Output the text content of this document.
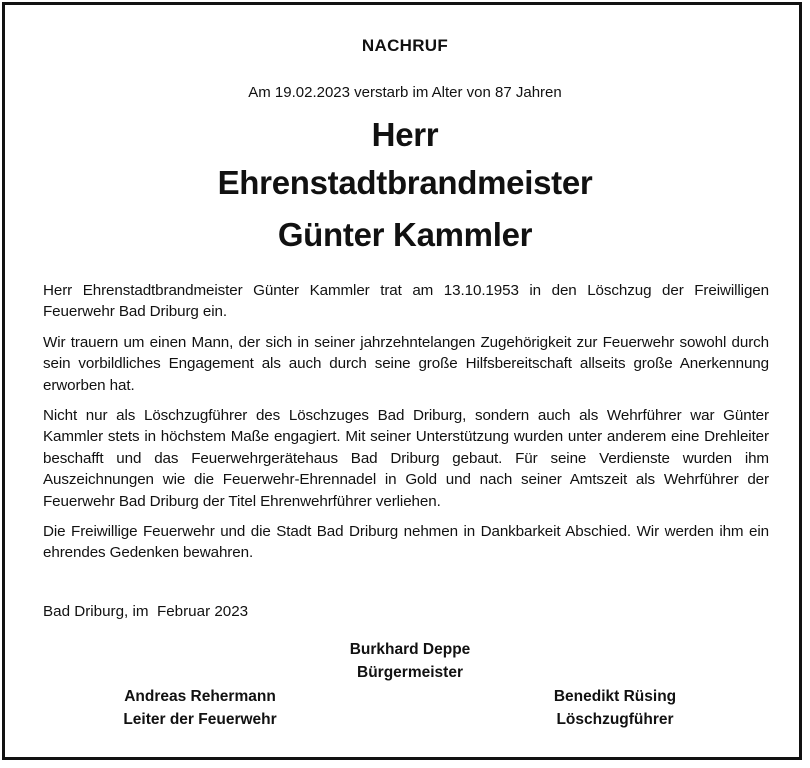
NACHRUF
Am 19.02.2023 verstarb im Alter von 87 Jahren
Herr
Ehrenstadtbrandmeister
Günter Kammler

Herr Ehrenstadtbrandmeister Günter Kammler trat am 13.10.1953 in den Löschzug der Freiwilligen Feuerwehr Bad Driburg ein.

Wir trauern um einen Mann, der sich in seiner jahrzehntelangen Zugehörigkeit zur Feuerwehr sowohl durch sein vorbildliches Engagement als auch durch seine große Hilfsbereitschaft allseits große Anerkennung erworben hat.

Nicht nur als Löschzugführer des Löschzuges Bad Driburg, sondern auch als Wehrführer war Günter Kammler stets in höchstem Maße engagiert. Mit seiner Unterstützung wurden unter anderem eine Drehleiter beschafft und das Feuerwehrgerätehaus Bad Driburg gebaut. Für seine Verdienste wurden ihm Auszeichnungen wie die Feuerwehr-Ehrennadel in Gold und nach seiner Amtszeit als Wehrführer der Feuerwehr Bad Driburg der Titel Ehrenwehrführer verliehen.

Die Freiwillige Feuerwehr und die Stadt Bad Driburg nehmen in Dankbarkeit Abschied. Wir werden ihm ein ehrendes Gedenken bewahren.

Bad Driburg, im  Februar 2023
Burkhard Deppe
Bürgermeister
Andreas Rehermann
Leiter der Feuerwehr
Benedikt Rüsing
Löschzugführer
